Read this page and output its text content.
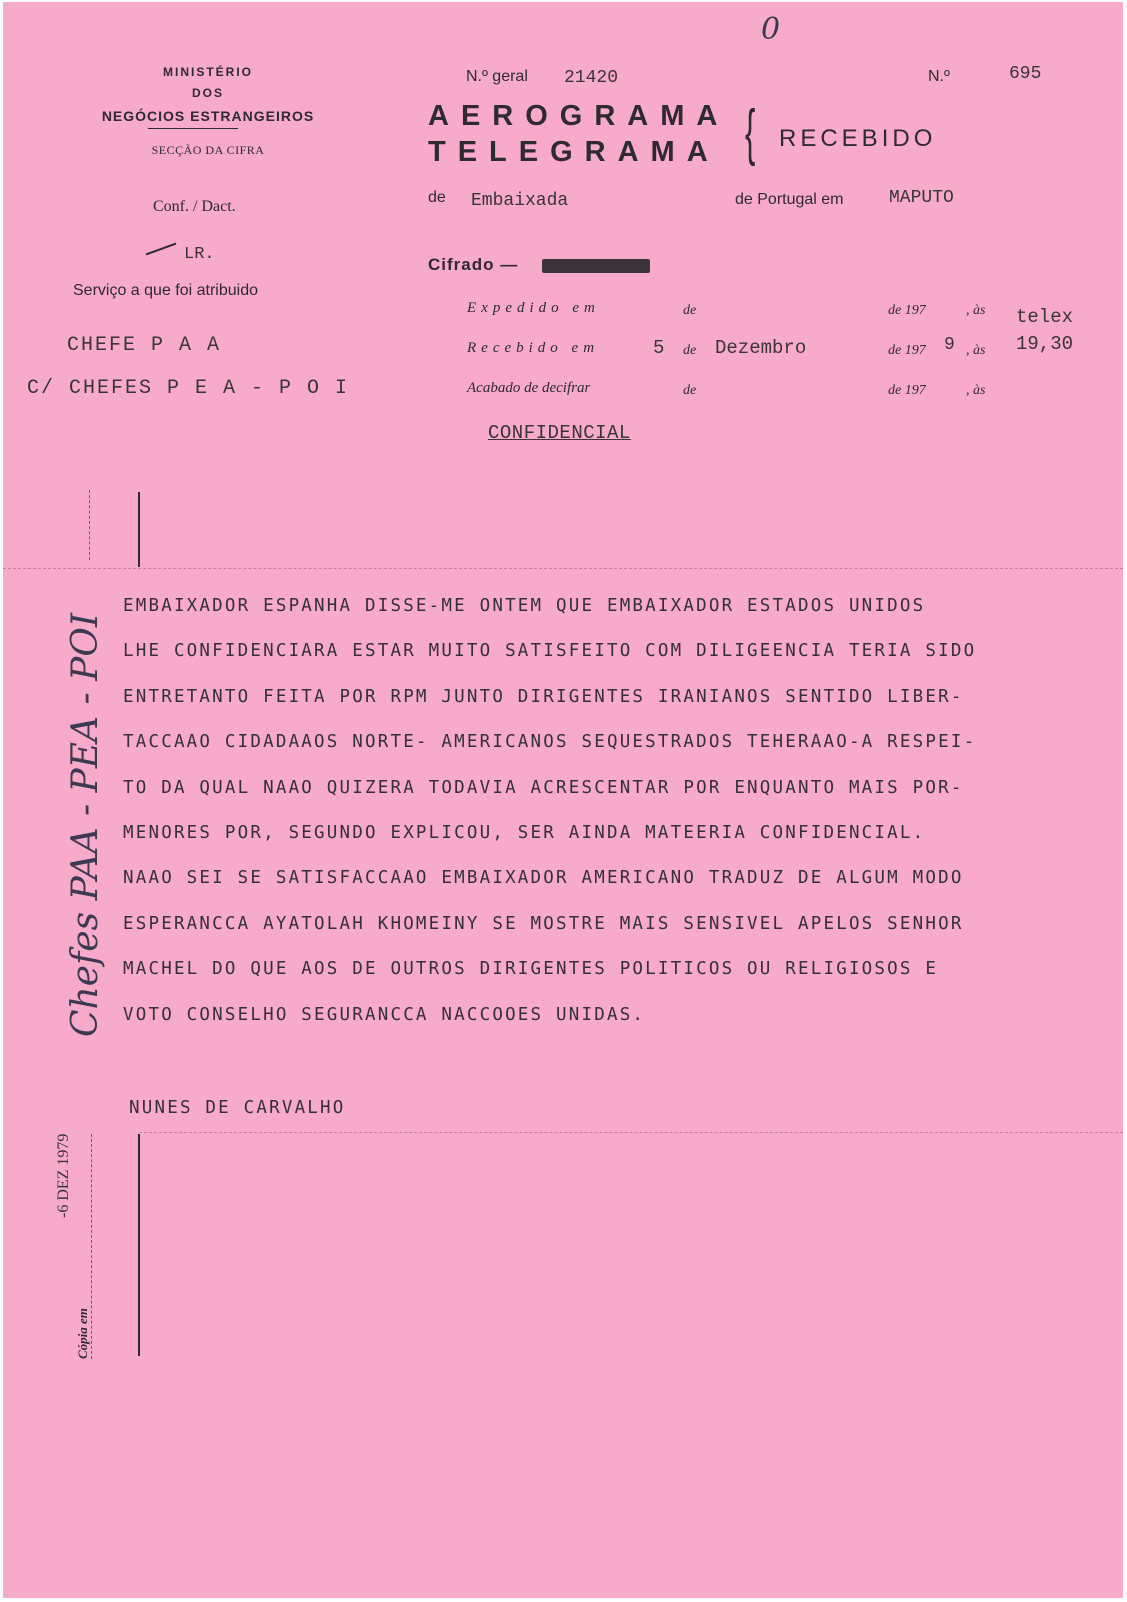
MINISTÉRIO
DOS
NEGÓCIOS ESTRANGEIROS
SECÇÃO DA CIFRA
Conf. / Dact.
LR.
Serviço a que foi atribuido
CHEFE P A A
C/ CHEFES P E A - P O I
0
N.º geral 21420	N.º	695
AEROGRAMA
TELEGRAMA { RECEBIDO
de Embaixada	de Portugal em	MAPUTO
Cifrado —
Expedido em	de	de 197	, às telex
Recebido em	5 de Dezembro	de 197 9 , às 19,30
Acabado de decifrar	de	de 197	, às
CONFIDENCIAL
EMBAIXADOR ESPANHA DISSE-ME ONTEM QUE EMBAIXADOR ESTADOS UNIDOS
LHE CONFIDENCIARA ESTAR MUITO SATISFEITO COM DILIGEENCIA TERIA SIDO
ENTRETANTO FEITA POR RPM JUNTO DIRIGENTES IRANIANOS SENTIDO LIBER-
TACCAAO CIDADAAOS NORTE- AMERICANOS SEQUESTRADOS TEHERAAO-A RESPEI-
TO DA QUAL NAAO QUIZERA TODAVIA ACRESCENTAR POR ENQUANTO MAIS POR-
MENORES POR, SEGUNDO EXPLICOU, SER AINDA MATEERIA CONFIDENCIAL.
NAAO SEI SE SATISFACCAAO EMBAIXADOR AMERICANO TRADUZ DE ALGUM MODO
ESPERANCCA AYATOLAH KHOMEINY SE MOSTRE MAIS SENSIVEL APELOS SENHOR
MACHEL DO QUE AOS DE OUTROS DIRIGENTES POLITICOS OU RELIGIOSOS E
VOTO CONSELHO SEGURANCCA NACCOOES UNIDAS.
NUNES DE CARVALHO
Chefes PAA - PEA - POI
Cópia em
-6 DEZ 1979
